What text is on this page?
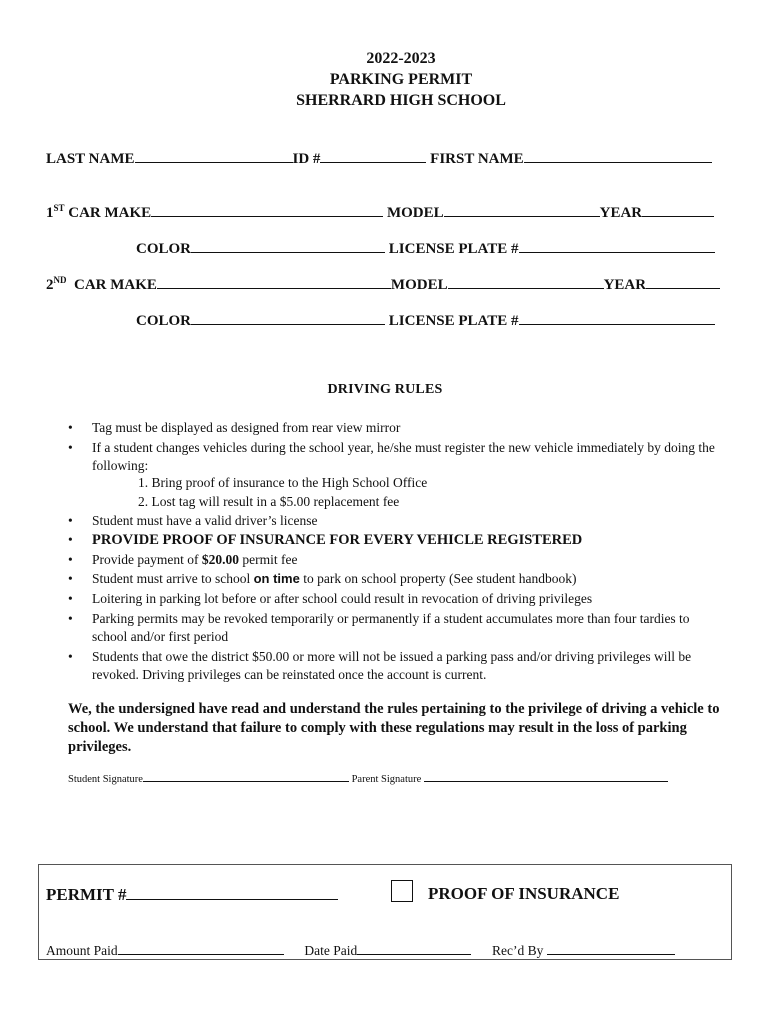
2022-2023
PARKING PERMIT
SHERRARD HIGH SCHOOL
LAST NAME	ID #	FIRST NAME
1ST CAR MAKE	MODEL	YEAR
COLOR	LICENSE PLATE #
2ND CAR MAKE	MODEL	YEAR
COLOR	LICENSE PLATE #
DRIVING RULES
• Tag must be displayed as designed from rear view mirror
• If a student changes vehicles during the school year, he/she must register the new vehicle immediately by doing the following:
1. Bring proof of insurance to the High School Office
2. Lost tag will result in a $5.00 replacement fee
• Student must have a valid driver’s license
• PROVIDE PROOF OF INSURANCE FOR EVERY VEHICLE REGISTERED
• Provide payment of $20.00 permit fee
• Student must arrive to school on time to park on school property (See student handbook)
• Loitering in parking lot before or after school could result in revocation of driving privileges
• Parking permits may be revoked temporarily or permanently if a student accumulates more than four tardies to school and/or first period
• Students that owe the district $50.00 or more will not be issued a parking pass and/or driving privileges will be revoked. Driving privileges can be reinstated once the account is current.
We, the undersigned have read and understand the rules pertaining to the privilege of driving a vehicle to school. We understand that failure to comply with these regulations may result in the loss of parking privileges.
Student Signature	Parent Signature
PERMIT #	PROOF OF INSURANCE
Amount Paid	Date Paid	Rec’d By
